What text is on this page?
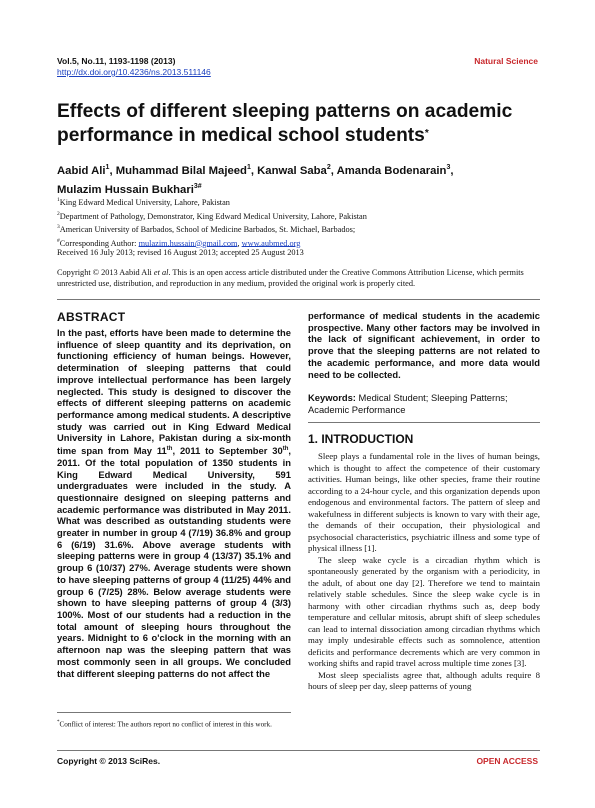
Vol.5, No.11, 1193-1198 (2013)
http://dx.doi.org/10.4236/ns.2013.511146
Natural Science
Effects of different sleeping patterns on academic performance in medical school students*
Aabid Ali$^1$, Muhammad Bilal Majeed$^1$, Kanwal Saba$^2$, Amanda Bodenarain$^3$,
Mulazim Hussain Bukhari$^{3\#}$
$^1$King Edward Medical University, Lahore, Pakistan
$^2$Department of Pathology, Demonstrator, King Edward Medical University, Lahore, Pakistan
$^3$American University of Barbados, School of Medicine Barbados, St. Michael, Barbados;
#Corresponding Author: mulazim.hussain@gmail.com, www.aubmed.org
Received 16 July 2013; revised 16 August 2013; accepted 25 August 2013
Copyright © 2013 Aabid Ali et al. This is an open access article distributed under the Creative Commons Attribution License, which permits unrestricted use, distribution, and reproduction in any medium, provided the original work is properly cited.
ABSTRACT
In the past, efforts have been made to determine the influence of sleep quantity and its deprivation, on functioning efficiency of human beings. However, determination of sleeping patterns that could improve intellectual performance has been largely neglected. This study is designed to discover the effects of different sleeping patterns on academic performance among medical students. A descriptive study was carried out in King Edward Medical University in Lahore, Pakistan during a six-month time span from May 11th, 2011 to September 30th, 2011. Of the total population of 1350 students in King Edward Medical University, 591 undergraduates were included in the study. A questionnaire designed on sleeping patterns and academic performance was distributed in May 2011. What was described as outstanding students were greater in number in group 4 (7/19) 36.8% and group 6 (6/19) 31.6%. Above average students with sleeping patterns were in group 4 (13/37) 35.1% and group 6 (10/37) 27%. Average students were shown to have sleeping patterns of group 4 (11/25) 44% and group 6 (7/25) 28%. Below average students were shown to have sleeping patterns of group 4 (3/3) 100%. Most of our students had a reduction in the total amount of sleeping hours throughout the years. Midnight to 6 o'clock in the morning with an afternoon nap was the sleeping pattern that was most commonly seen in all groups. We concluded that different sleeping patterns do not affect the
*Conflict of interest: The authors report no conflict of interest in this work.
performance of medical students in the academic prospective. Many other factors may be involved in the lack of significant achievement, in order to prove that the sleeping patterns are not related to the academic performance, and more data would need to be collected.
Keywords: Medical Student; Sleeping Patterns; Academic Performance
1. INTRODUCTION

Sleep plays a fundamental role in the lives of human beings, which is thought to affect the competence of their customary activities. Human beings, like other species, frame their routine according to a 24-hour cycle, and this organization depends upon endogenous and environmental factors. The pattern of sleep and wakefulness in different subjects is known to vary with their age, the demands of their occupation, their physiological and psychosocial characteristics, psychiatric illness and some type of physical illness [1].

The sleep wake cycle is a circadian rhythm which is spontaneously generated by the organism with a periodicity, in the adult, of about one day [2]. Therefore we tend to maintain relatively stable schedules. Since the sleep wake cycle is in harmony with other circadian rhythms such as, deep body temperature and cellular mitosis, abrupt shift of sleep schedules can lead to internal dissociation among circadian rhythms which may imply undesirable effects such as somnolence, attention deficits and performance decrements which are very common in working shifts and rapid travel across multiple time zones [3].

Most sleep specialists agree that, although adults require 8 hours of sleep per day, sleep patterns of young

Copyright © 2013 SciRes.	OPEN ACCESS
